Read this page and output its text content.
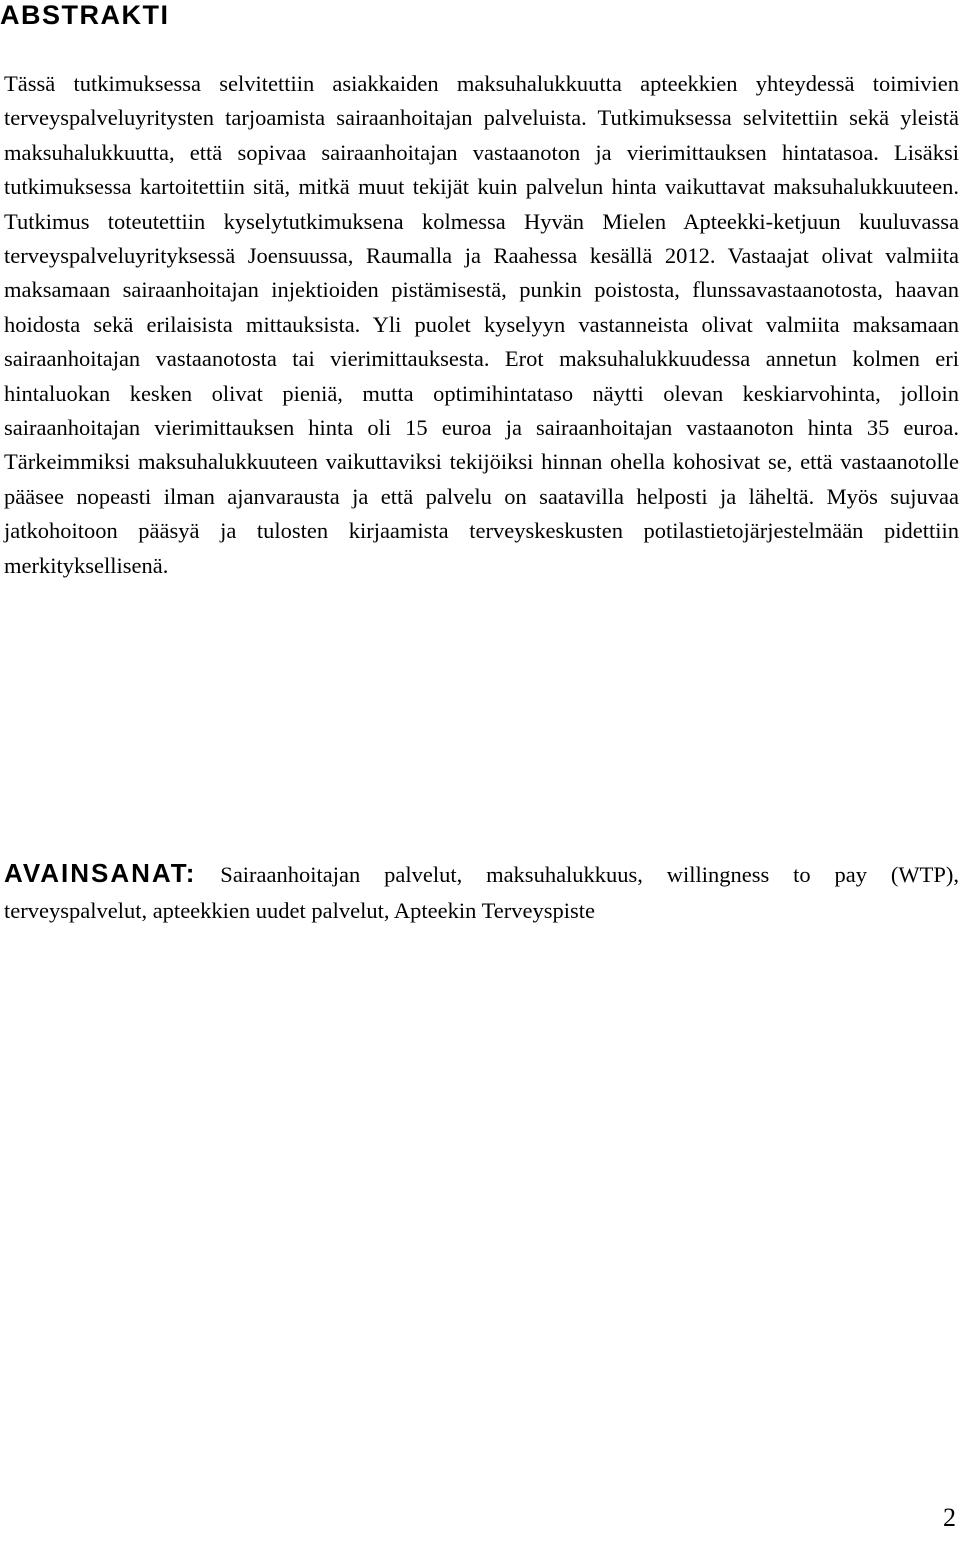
ABSTRAKTI

Tässä tutkimuksessa selvitettiin asiakkaiden maksuhalukkuutta apteekkien yhteydessä toimivien terveyspalveluyritysten tarjoamista sairaanhoitajan palveluista. Tutkimuksessa selvitettiin sekä yleistä maksuhalukkuutta, että sopivaa sairaanhoitajan vastaanoton ja vierimittauksen hintatasoa. Lisäksi tutkimuksessa kartoitettiin sitä, mitkä muut tekijät kuin palvelun hinta vaikuttavat maksuhalukkuuteen. Tutkimus toteutettiin kyselytutkimuksena kolmessa Hyvän Mielen Apteekki-ketjuun kuuluvassa terveyspalveluyrityksessä Joensuussa, Raumalla ja Raahessa kesällä 2012. Vastaajat olivat valmiita maksamaan sairaanhoitajan injektioiden pistämisestä, punkin poistosta, flunssavastaanotosta, haavan hoidosta sekä erilaisista mittauksista. Yli puolet kyselyyn vastanneista olivat valmiita maksamaan sairaanhoitajan vastaanotosta tai vierimittauksesta. Erot maksuhalukkuudessa annetun kolmen eri hintaluokan kesken olivat pieniä, mutta optimihintataso näytti olevan keskiarvohinta, jolloin sairaanhoitajan vierimittauksen hinta oli 15 euroa ja sairaanhoitajan vastaanoton hinta 35 euroa. Tärkeimmiksi maksuhalukkuuteen vaikuttaviksi tekijöiksi hinnan ohella kohosivat se, että vastaanotolle pääsee nopeasti ilman ajanvarausta ja että palvelu on saatavilla helposti ja läheltä. Myös sujuvaa jatkohoitoon pääsyä ja tulosten kirjaamista terveyskeskusten potilastietojärjestelmään pidettiin merkityksellisenä.

AVAINSANAT: Sairaanhoitajan palvelut, maksuhalukkuus, willingness to pay (WTP), terveyspalvelut, apteekkien uudet palvelut, Apteekin Terveyspiste

2
